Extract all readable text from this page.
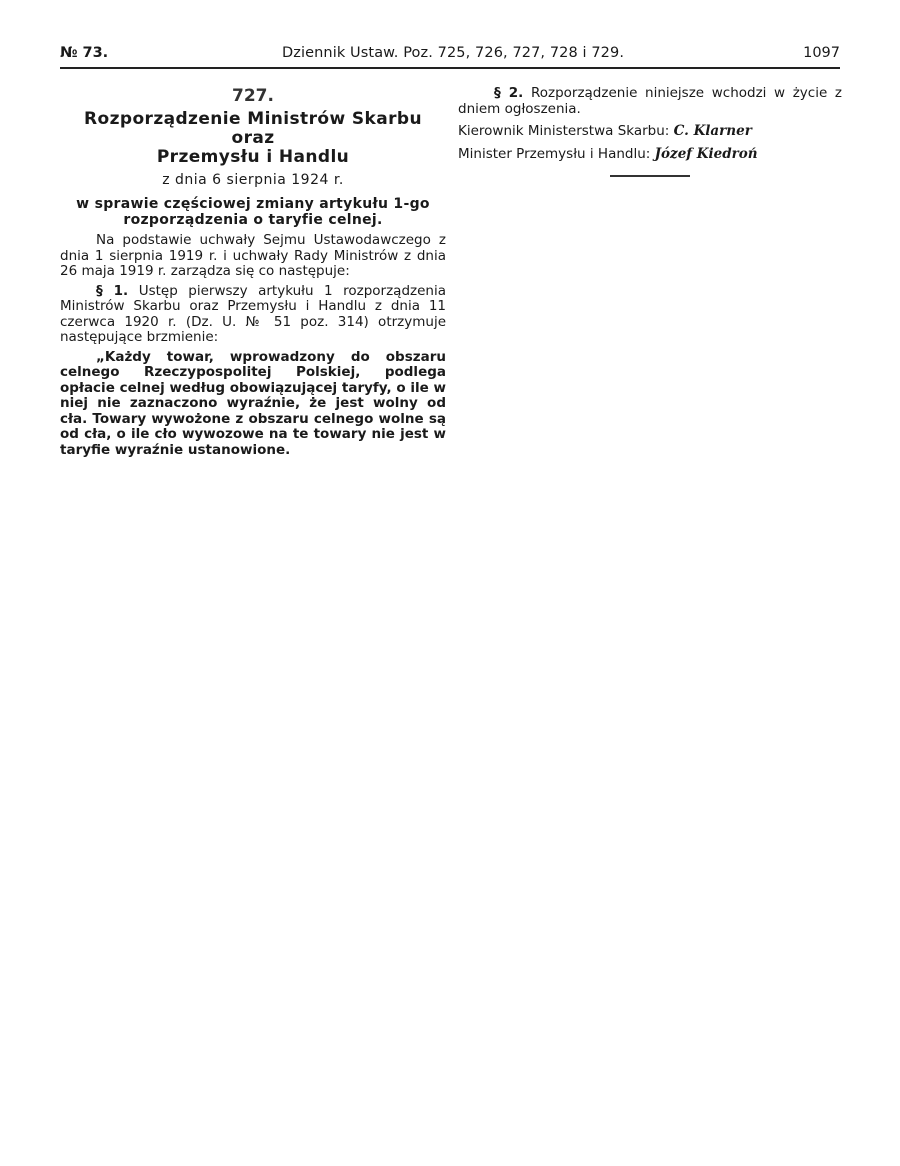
№ 73.	Dziennik Ustaw. Poz. 725, 726, 727, 728 i 729.	1097

727.

Rozporządzenie Ministrów Skarbu oraz
Przemysłu i Handlu

z dnia 6 sierpnia 1924 r.

w sprawie częściowej zmiany artykułu 1-go
rozporządzenia o taryfie celnej.

Na podstawie uchwały Sejmu Ustawodawczego z dnia 1 sierpnia 1919 r. i uchwały Rady Ministrów z dnia 26 maja 1919 r. zarządza się co następuje:

§ 1. Ustęp pierwszy artykułu 1 rozporządzenia Ministrów Skarbu oraz Przemysłu i Handlu z dnia 11 czerwca 1920 r. (Dz. U. № 51 poz. 314) otrzymuje następujące brzmienie:

„Każdy towar, wprowadzony do obszaru celnego Rzeczypospolitej Polskiej, podlega opłacie celnej według obowiązującej taryfy, o ile w niej nie zaznaczono wyraźnie, że jest wolny od cła. Towary wywożone z obszaru celnego wolne są od cła, o ile cło wywozowe na te towary nie jest w taryfie wyraźnie ustanowione.

§ 2. Rozporządzenie niniejsze wchodzi w życie z dniem ogłoszenia.

Kierownik Ministerstwa Skarbu: C. Klarner

Minister Przemysłu i Handlu: Józef Kiedroń
